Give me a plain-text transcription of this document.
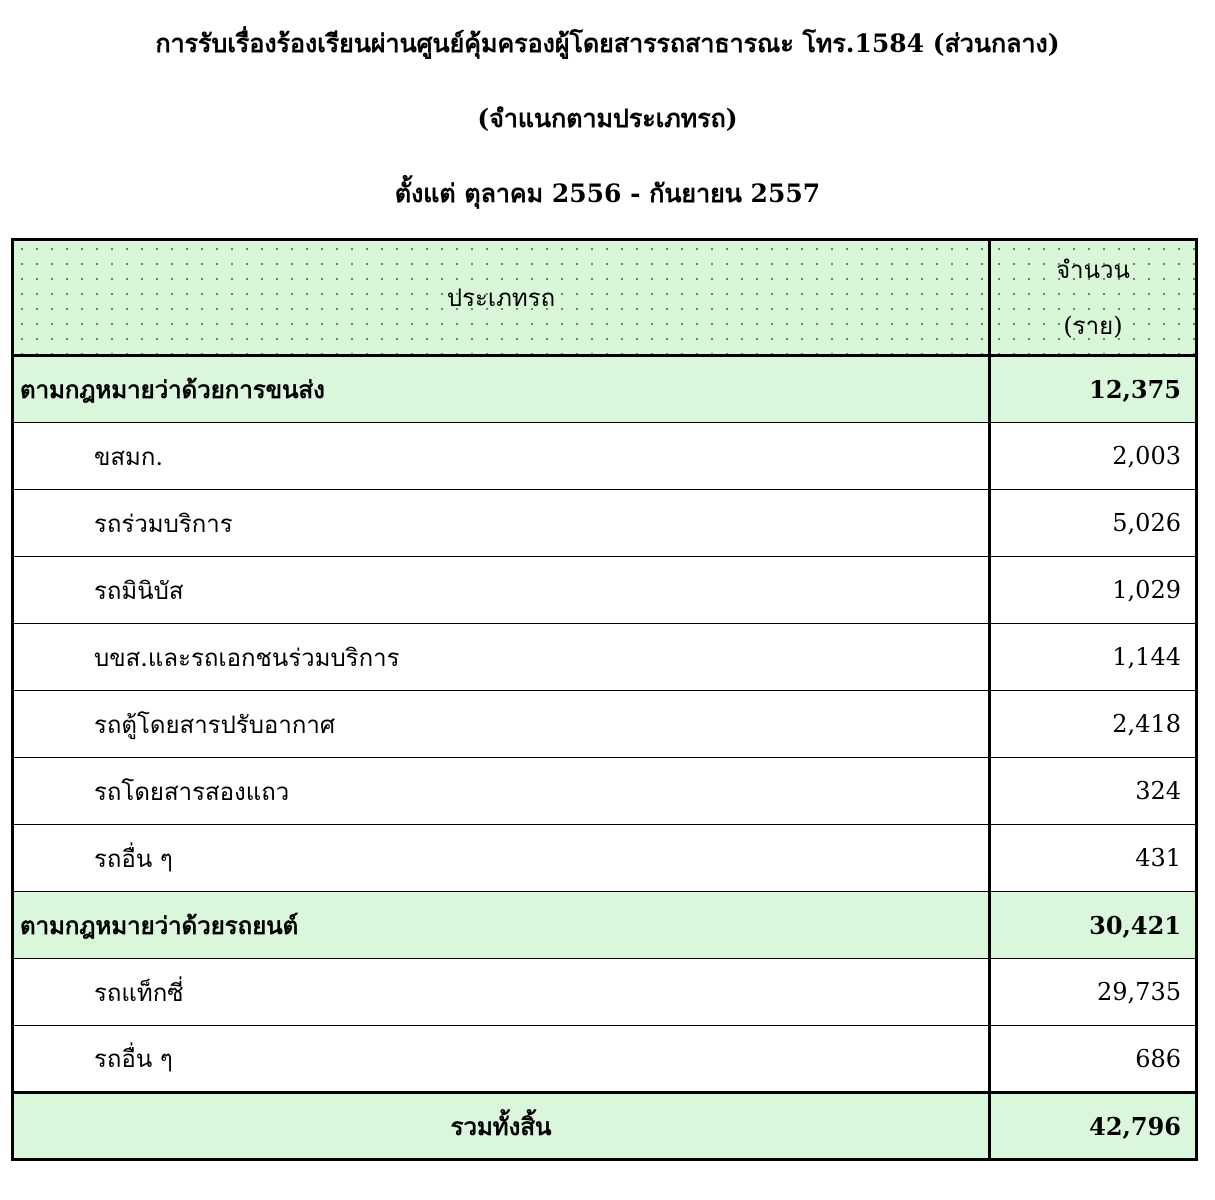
การรับเรื่องร้องเรียนผ่านศูนย์คุ้มครองผู้โดยสารรถสาธารณะ โทร.1584 (ส่วนกลาง)
(จำแนกตามประเภทรถ)
ตั้งแต่ ตุลาคม 2556 - กันยายน 2557
ประเภทรถ	จำนวน
(ราย)

ตามกฎหมายว่าด้วยการขนส่ง	12,375
ขสมก.	2,003
รถร่วมบริการ	5,026
รถมินิบัส	1,029
บขส.และรถเอกชนร่วมบริการ	1,144
รถตู้โดยสารปรับอากาศ	2,418
รถโดยสารสองแถว	324
รถอื่น ๆ	431
ตามกฎหมายว่าด้วยรถยนต์	30,421
รถแท็กซี่	29,735
รถอื่น ๆ	686
รวมทั้งสิ้น	42,796
